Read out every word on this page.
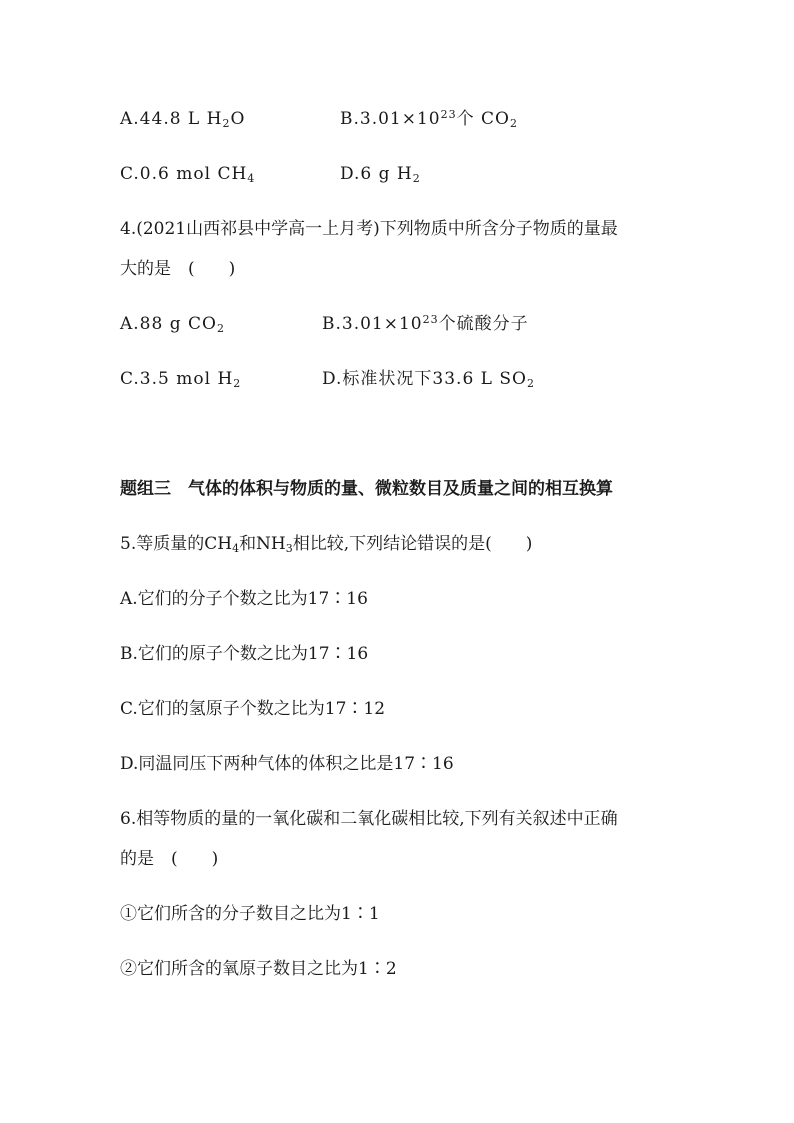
A.44.8 L $H_2O$	$B.3.01\times 10^{23}$个 $CO_2$
C.0.6 mol $CH_4$	D.6 g $H_2$
4.(2021山西祁县中学高一上月考)下列物质中所含分子物质的量最
大的是　(　　)
A.88 g $CO_2$	$B.3.01\times 10^{23}$个硫酸分子
C.3.5 mol $H_2$	D.标准状况下33.6 L $SO_2$
题组三　气体的体积与物质的量、微粒数目及质量之间的相互换算
5.等质量的$CH_4$和$NH_3$相比较,下列结论错误的是(　　)
A.它们的分子个数之比为17∶16
B.它们的原子个数之比为17∶16
C.它们的氢原子个数之比为17∶12
D.同温同压下两种气体的体积之比是17∶16
6.相等物质的量的一氧化碳和二氧化碳相比较,下列有关叙述中正确
的是　(　　)
①它们所含的分子数目之比为1∶1
②它们所含的氧原子数目之比为1∶2
